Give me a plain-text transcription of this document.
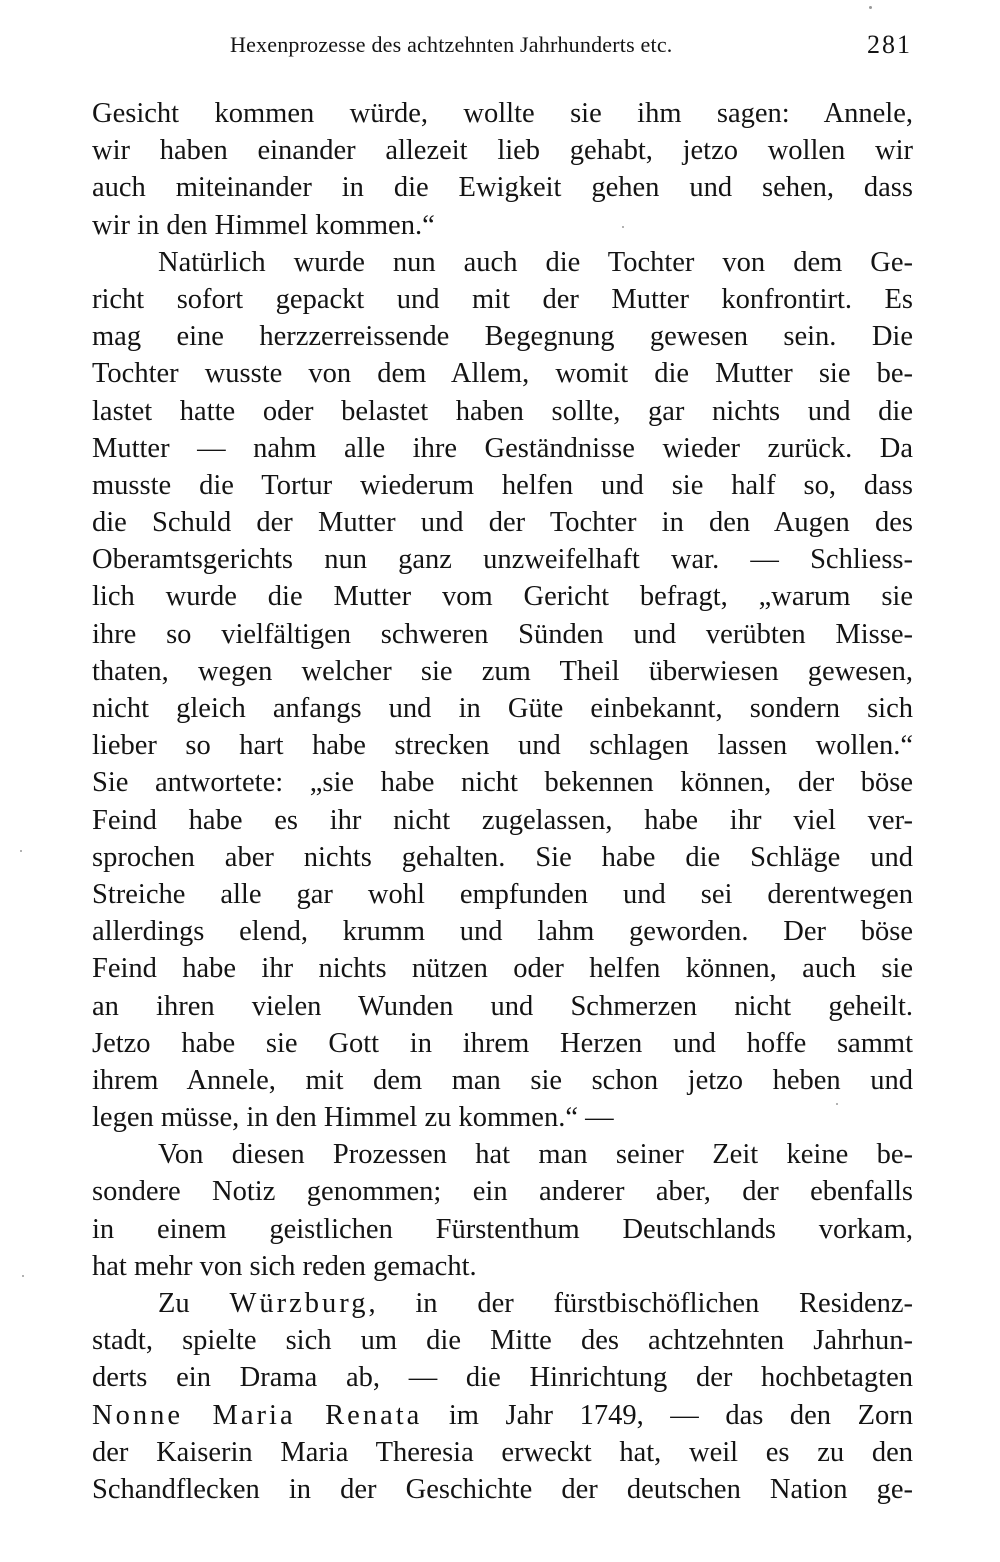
Hexenprozesse des achtzehnten Jahrhunderts etc.	281
Gesicht kommen würde, wollte sie ihm sagen: Annele,
wir haben einander allezeit lieb gehabt, jetzo wollen wir
auch miteinander in die Ewigkeit gehen und sehen, dass
wir in den Himmel kommen.“
Natürlich wurde nun auch die Tochter von dem Ge-
richt sofort gepackt und mit der Mutter konfrontirt. Es
mag eine herzzerreissende Begegnung gewesen sein. Die
Tochter wusste von dem Allem, womit die Mutter sie be-
lastet hatte oder belastet haben sollte, gar nichts und die
Mutter — nahm alle ihre Geständnisse wieder zurück. Da
musste die Tortur wiederum helfen und sie half so, dass
die Schuld der Mutter und der Tochter in den Augen des
Oberamtsgerichts nun ganz unzweifelhaft war. — Schliess-
lich wurde die Mutter vom Gericht befragt, „warum sie
ihre so vielfältigen schweren Sünden und verübten Misse-
thaten, wegen welcher sie zum Theil überwiesen gewesen,
nicht gleich anfangs und in Güte einbekannt, sondern sich
lieber so hart habe strecken und schlagen lassen wollen.“
Sie antwortete: „sie habe nicht bekennen können, der böse
Feind habe es ihr nicht zugelassen, habe ihr viel ver-
sprochen aber nichts gehalten. Sie habe die Schläge und
Streiche alle gar wohl empfunden und sei derentwegen
allerdings elend, krumm und lahm geworden. Der böse
Feind habe ihr nichts nützen oder helfen können, auch sie
an ihren vielen Wunden und Schmerzen nicht geheilt.
Jetzo habe sie Gott in ihrem Herzen und hoffe sammt
ihrem Annele, mit dem man sie schon jetzo heben und
legen müsse, in den Himmel zu kommen.“ —
Von diesen Prozessen hat man seiner Zeit keine be-
sondere Notiz genommen; ein anderer aber, der ebenfalls
in einem geistlichen Fürstenthum Deutschlands vorkam,
hat mehr von sich reden gemacht.
Zu Würzburg, in der fürstbischöflichen Residenz-
stadt, spielte sich um die Mitte des achtzehnten Jahrhun-
derts ein Drama ab, — die Hinrichtung der hochbetagten
Nonne Maria Renata im Jahr 1749, — das den Zorn
der Kaiserin Maria Theresia erweckt hat, weil es zu den
Schandflecken in der Geschichte der deutschen Nation ge-
